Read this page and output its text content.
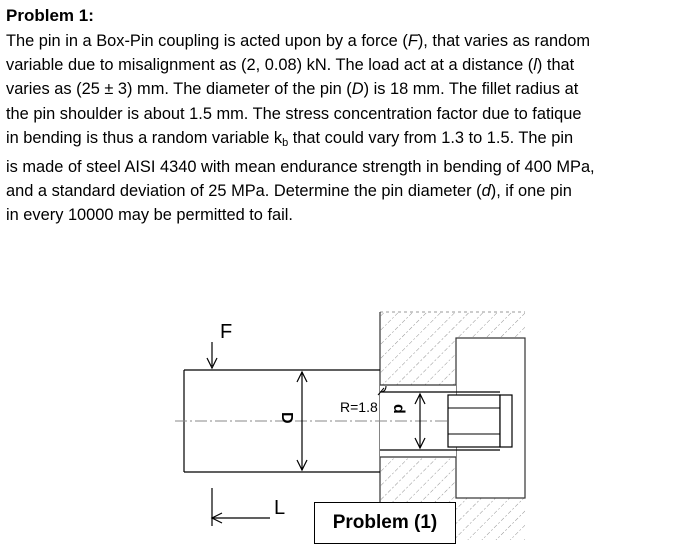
Problem 1:
The pin in a Box-Pin coupling is acted upon by a force (F), that varies as random
variable due to misalignment as (2, 0.08) kN. The load act at a distance (l) that
varies as (25 ± 3) mm. The diameter of the pin (D) is 18 mm. The fillet radius at
the pin shoulder is about 1.5 mm. The stress concentration factor due to fatique
in bending is thus a random variable $k_b$ that could vary from 1.3 to 1.5. The pin
is made of steel AISI 4340 with mean endurance strength in bending of 400 MPa,
and a standard deviation of 25 MPa. Determine the pin diameter (d), if one pin
in every 10000 may be permitted to fail.
F
D
R=1.8 d
L
Problem (1)
